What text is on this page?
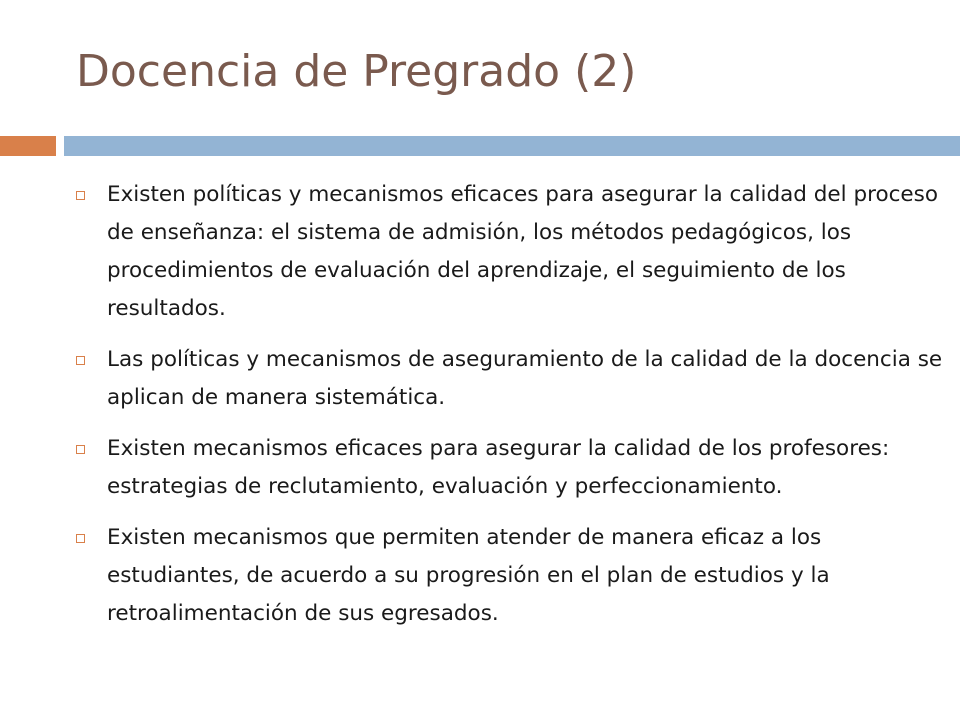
Docencia de Pregrado (2)
Existen políticas y mecanismos eficaces para asegurar la calidad del proceso de enseñanza: el sistema de admisión, los métodos pedagógicos, los procedimientos de evaluación del aprendizaje, el seguimiento de los resultados.
Las políticas y mecanismos de aseguramiento de la calidad de la docencia se aplican de manera sistemática.
Existen mecanismos eficaces para asegurar la calidad de los profesores: estrategias de reclutamiento, evaluación y perfeccionamiento.
Existen mecanismos que permiten atender de manera eficaz a los estudiantes, de acuerdo a su progresión en el plan de estudios y la retroalimentación de sus egresados.
